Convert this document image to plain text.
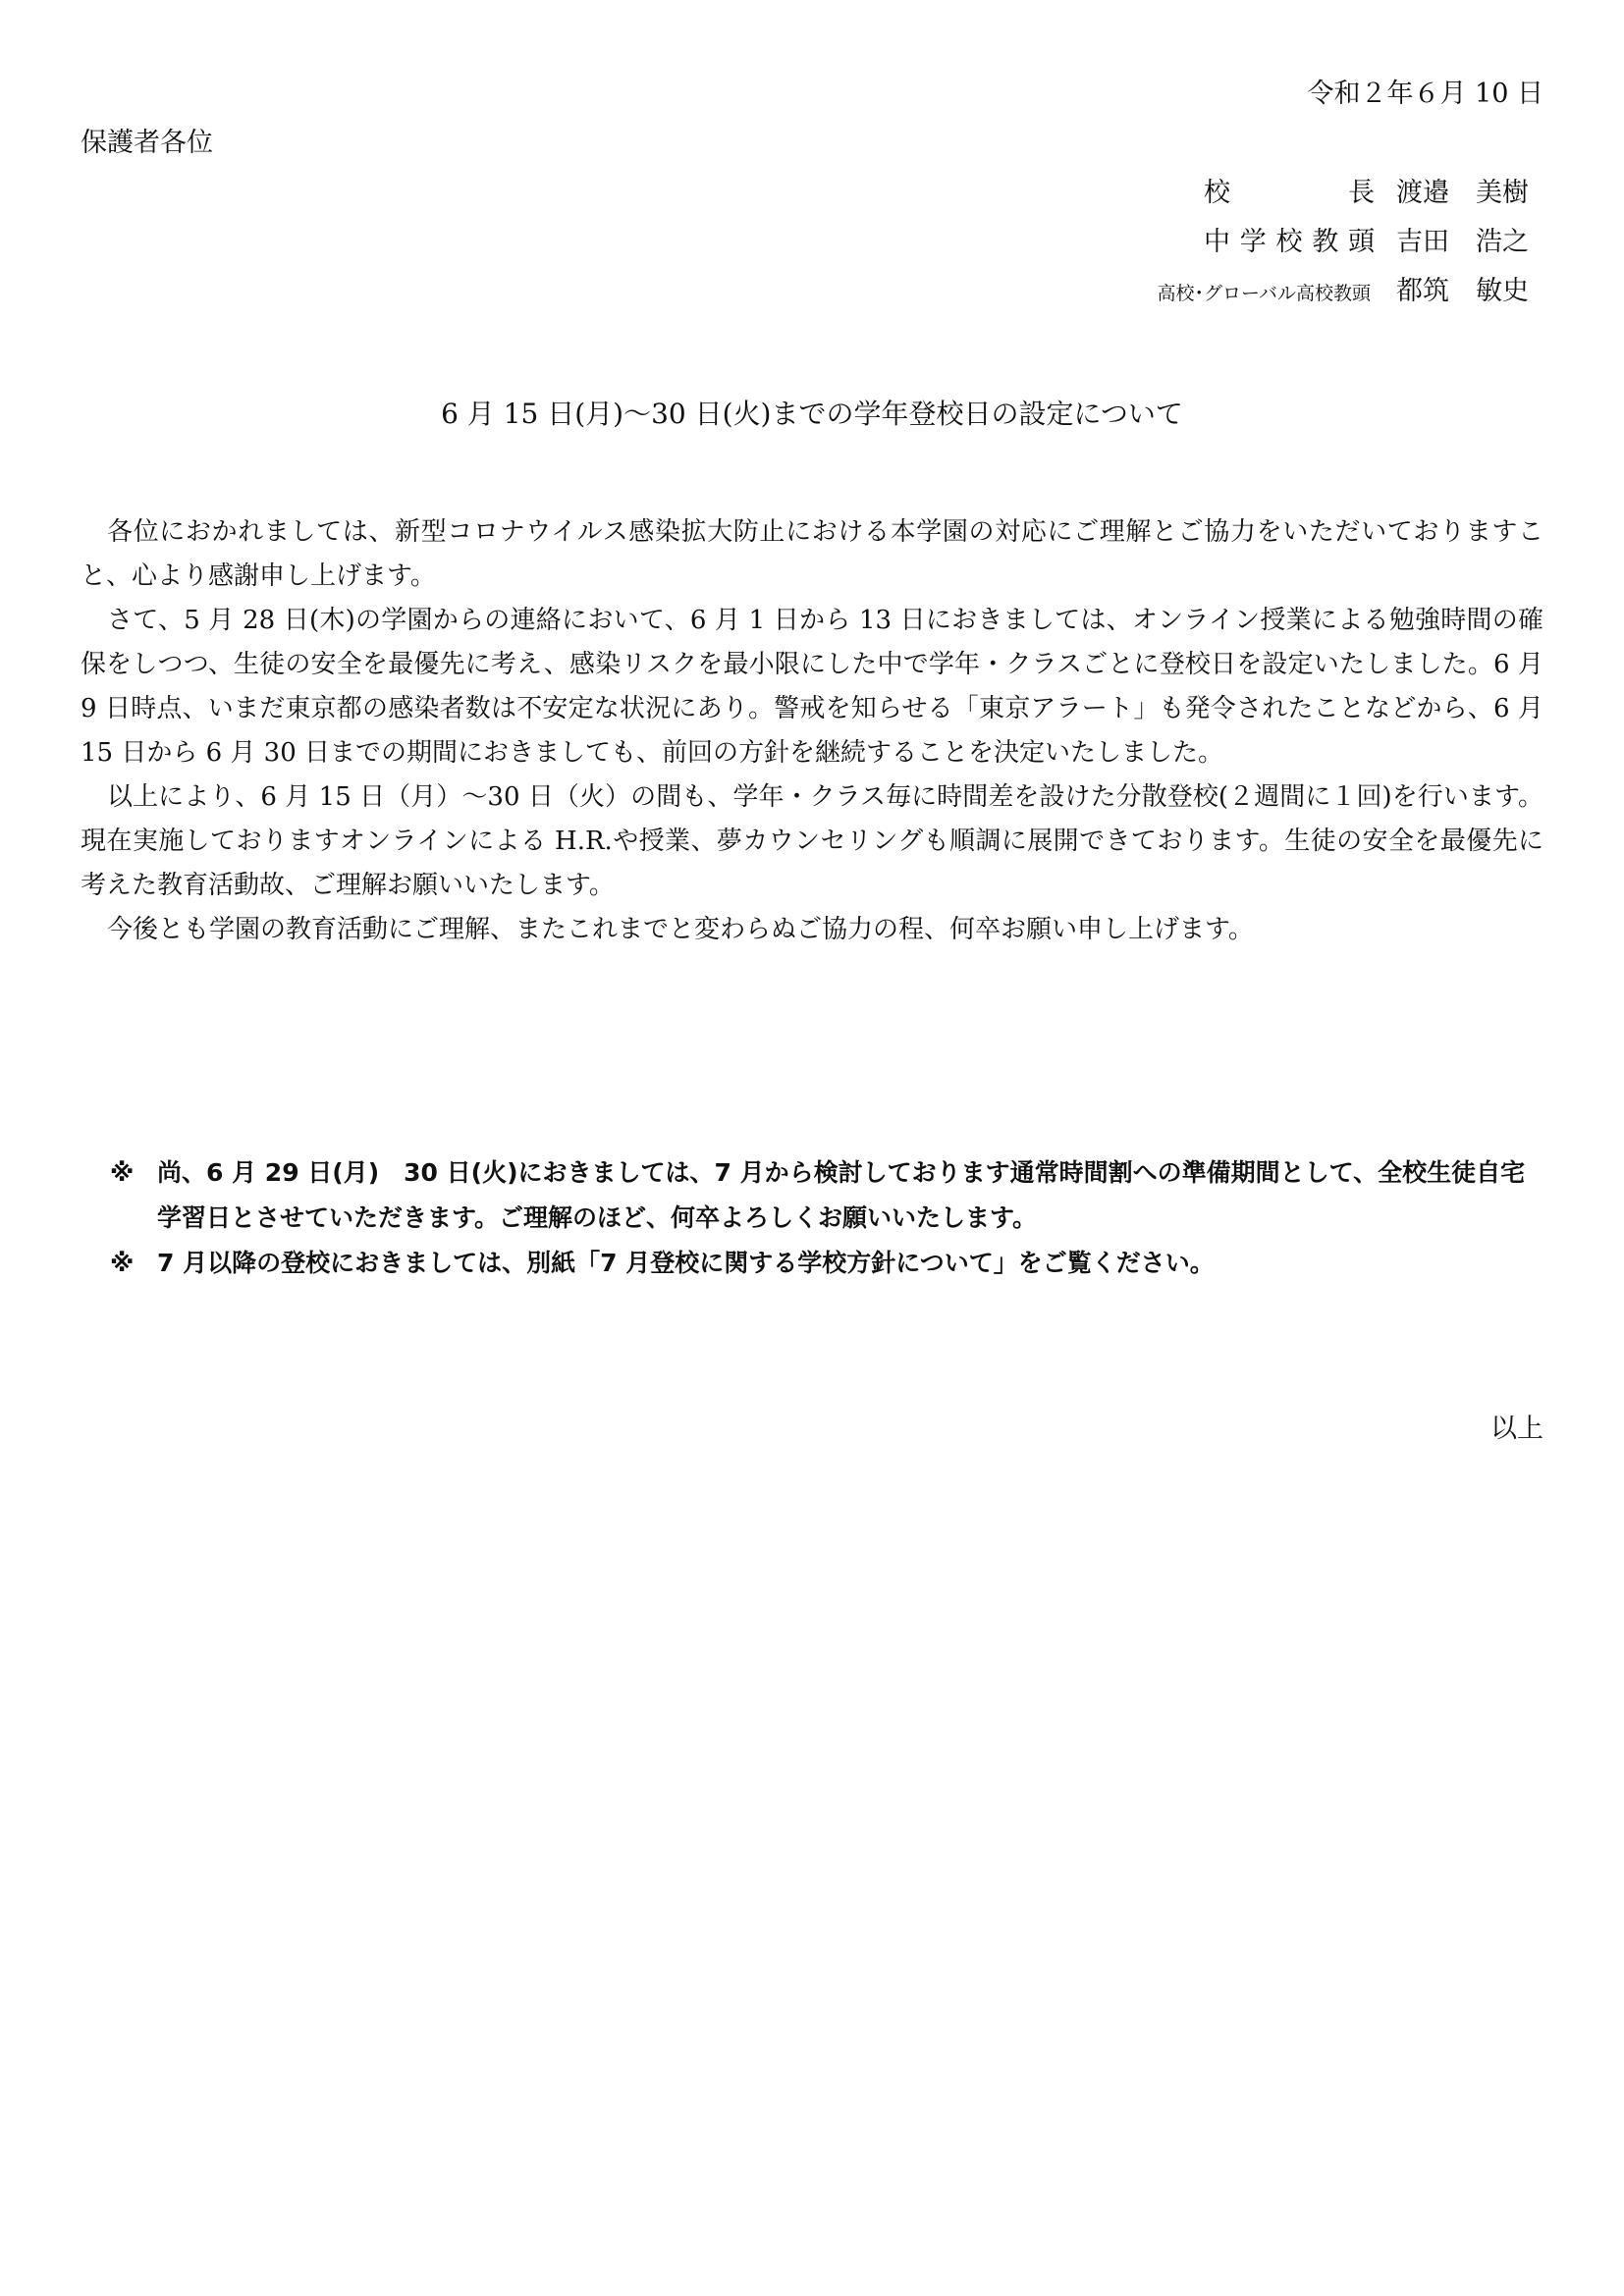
令和２年６月 10 日
保護者各位
校　　長 渡邉　美樹
中学校教頭 吉田　浩之
高校･グローバル高校教頭 都筑　敏史
6 月 15 日(月)～30 日(火)までの学年登校日の設定について

各位におかれましては、新型コロナウイルス感染拡大防止における本学園の対応にご理解とご協力をいただいておりますこと、心より感謝申し上げます。

さて、5 月 28 日(木)の学園からの連絡において、6 月 1 日から 13 日におきましては、オンライン授業による勉強時間の確保をしつつ、生徒の安全を最優先に考え、感染リスクを最小限にした中で学年・クラスごとに登校日を設定いたしました。6 月 9 日時点、いまだ東京都の感染者数は不安定な状況にあり。警戒を知らせる「東京アラート」も発令されたことなどから、6 月 15 日から 6 月 30 日までの期間におきましても、前回の方針を継続することを決定いたしました。

以上により、6 月 15 日（月）～30 日（火）の間も、学年・クラス毎に時間差を設けた分散登校(２週間に１回)を行います。現在実施しておりますオンラインによる H.R.や授業、夢カウンセリングも順調に展開できております。生徒の安全を最優先に考えた教育活動故、ご理解お願いいたします。

今後とも学園の教育活動にご理解、またこれまでと変わらぬご協力の程、何卒お願い申し上げます。

※ 尚、6 月 29 日(月)　30 日(火)におきましては、7 月から検討しております通常時間割への準備期間として、全校生徒自宅学習日とさせていただきます。ご理解のほど、何卒よろしくお願いいたします。
※ 7 月以降の登校におきましては、別紙「7 月登校に関する学校方針について」をご覧ください。
以上
